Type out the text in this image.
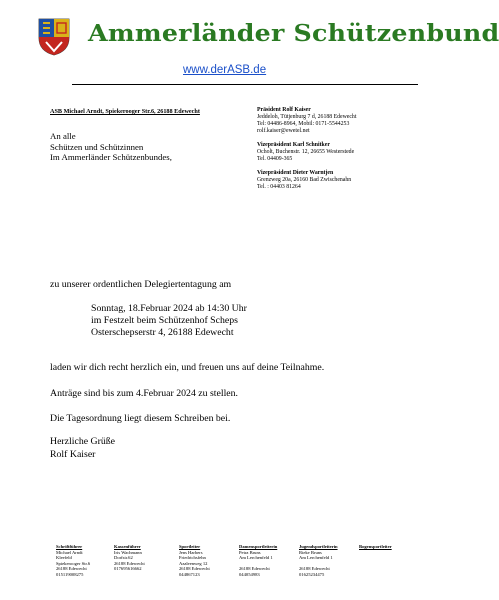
Ammerländer Schützenbund
www.derASB.de
ASB Michael Arndt, Spiekerooger Str.6, 26188 Edewecht
An alle
Schützen und Schützinnen
Im Ammerländer Schützenbundes,
Präsident Rolf Kaiser
Jeddeloh, Tütjenburg 7 d, 26188 Edewecht
Tel: 04486-8964, Mobil: 0171-5544253
rolf.kaiser@ewetel.net
Vizepräsident Karl Schnitker
Ocholt, Buchenstr. 12, 26655 Westerstede
Tel. 04409-365
Vizepräsident Dieter Warntjen
Grenzweg 20a, 26160 Bad Zwischenahn
Tel. : 04403 81264
zu unserer ordentlichen Delegiertentagung am
Sonntag, 18.Februar 2024 ab 14:30 Uhr
im Festzelt beim Schützenhof Scheps
Osterschepserstr 4, 26188 Edewecht
laden wir dich recht herzlich ein, und freuen uns auf deine Teilnahme.
Anträge sind bis zum 4.Februar 2024 zu stellen.
Die Tagesordnung liegt diesem Schreiben bei.
Herzliche Grüße
Rolf Kaiser
Schriftführer
Michael Arndt
Kleefeld
Spiekerooger Str.6
26188 Edewecht
015119008275
Kassenführer
Iris Wachmann
Dorfstr.62
26188 Edewecht
017695616662
Sportleiter
Jens Harbers
Friedrichsfehn
Azaleenweg 12
26188 Edewecht
044867123
Damensportleiterin
Petra Bruns
Am Lerchenfeld 1

26188 Edewecht
044054983
Jugendsportleiterin
Rieke Bruns
Am Lerchenfeld 1

26188 Edewecht
01625234475
Bogensportleiter
